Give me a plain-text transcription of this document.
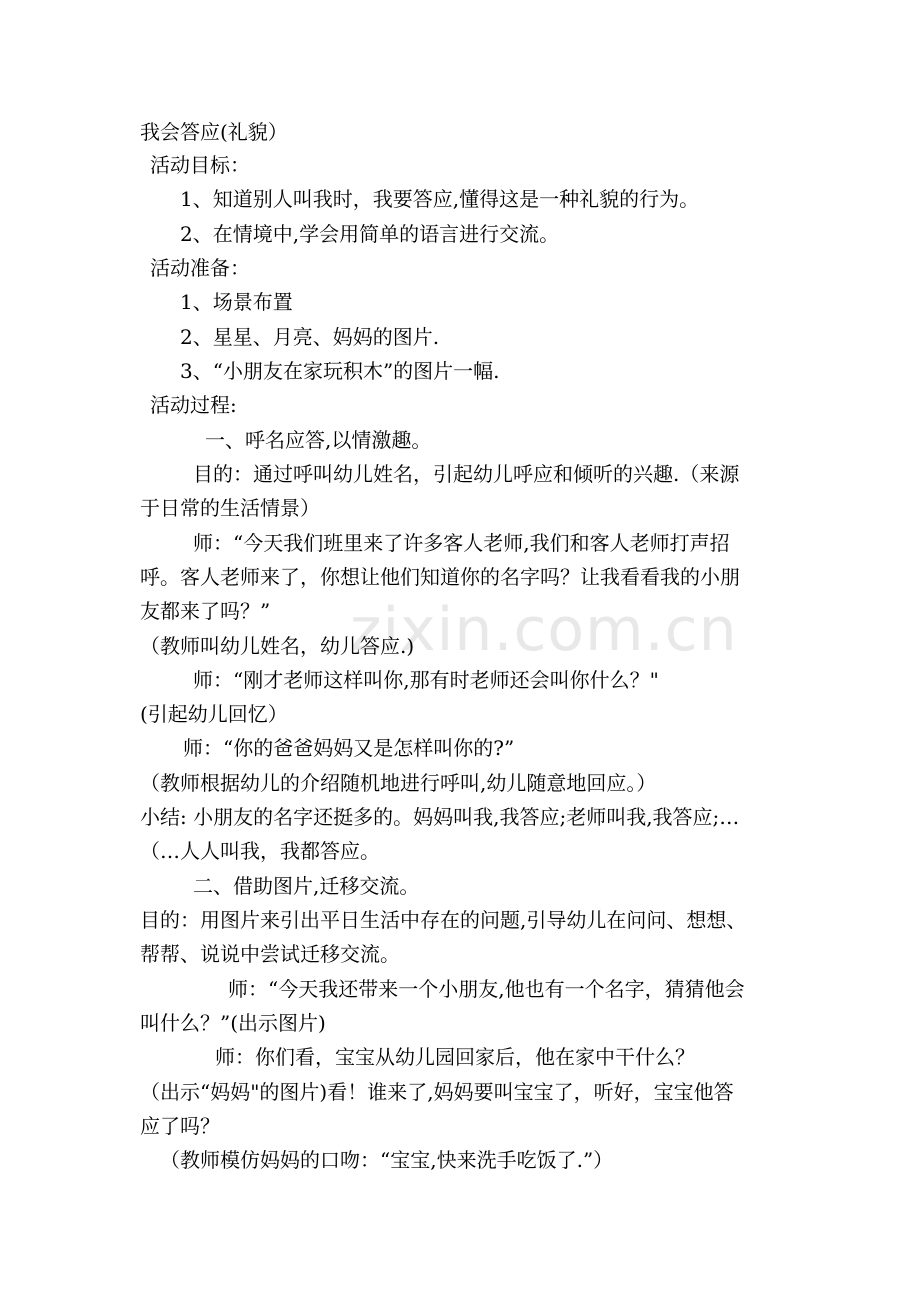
zixin.com.cn
我会答应(礼貌）
活动目标：
1、知道别人叫我时，我要答应,懂得这是一种礼貌的行为。
2、在情境中,学会用简单的语言进行交流。
活动准备：
1、场景布置
2、星星、月亮、妈妈的图片.
3、“小朋友在家玩积木”的图片一幅.
活动过程:
一、呼名应答,以情激趣。
目的：通过呼叫幼儿姓名，引起幼儿呼应和倾听的兴趣.（来源
于日常的生活情景）
师：“今天我们班里来了许多客人老师,我们和客人老师打声招
呼。客人老师来了，你想让他们知道你的名字吗？让我看看我的小朋
友都来了吗？”
（教师叫幼儿姓名，幼儿答应.)
师：“刚才老师这样叫你,那有时老师还会叫你什么？"
(引起幼儿回忆）
师：“你的爸爸妈妈又是怎样叫你的?”
（教师根据幼儿的介绍随机地进行呼叫,幼儿随意地回应。）
小结: 小朋友的名字还挺多的。妈妈叫我,我答应;老师叫我,我答应;…
（…人人叫我，我都答应。
二、借助图片,迁移交流。
目的：用图片来引出平日生活中存在的问题,引导幼儿在问问、想想、
帮帮、说说中尝试迁移交流。
师：“今天我还带来一个小朋友,他也有一个名字，猜猜他会
叫什么？”(出示图片)
师：你们看，宝宝从幼儿园回家后，他在家中干什么？
（出示“妈妈"的图片)看！谁来了,妈妈要叫宝宝了，听好，宝宝他答
应了吗？
（教师模仿妈妈的口吻：“宝宝,快来洗手吃饭了.”）
